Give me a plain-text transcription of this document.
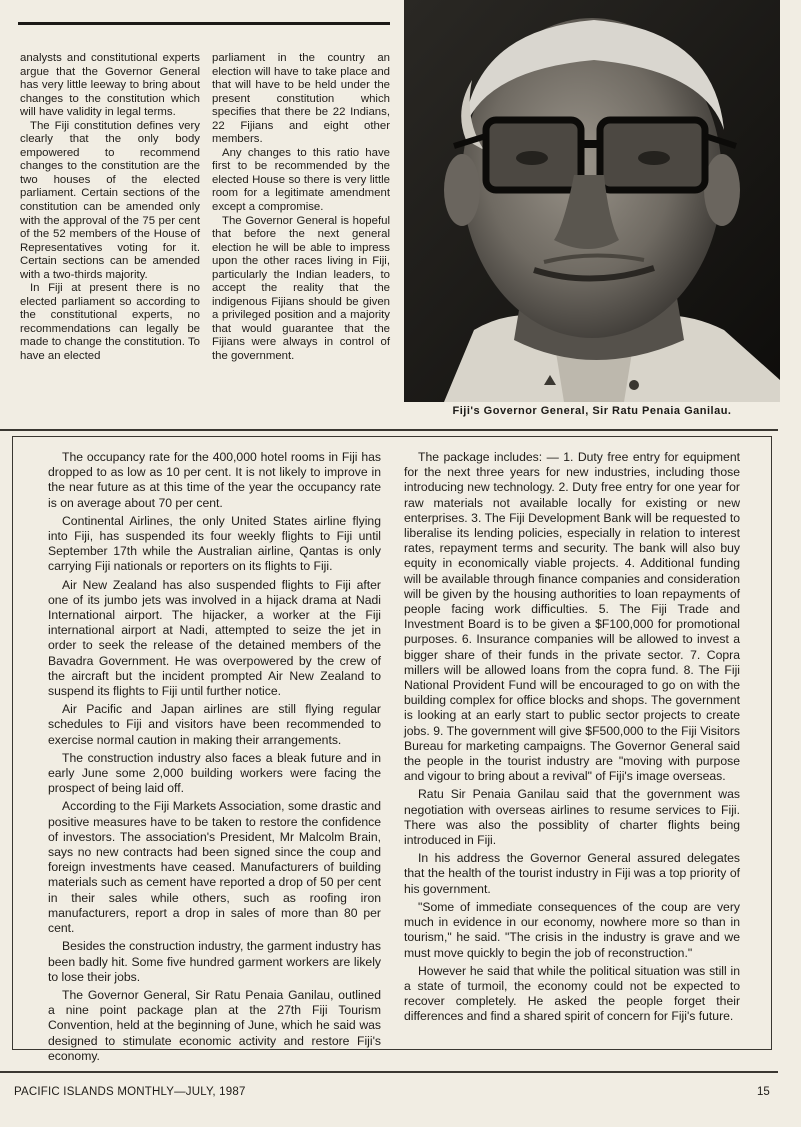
analysts and constitutional experts argue that the Governor General has very little leeway to bring about changes to the constitution which will have validity in legal terms.

The Fiji constitution defines very clearly that the only body empowered to recommend changes to the constitution are the two houses of the elected parliament. Certain sections of the constitution can be amended only with the approval of the 75 per cent of the 52 members of the House of Representatives voting for it. Certain sections can be amended with a two-thirds majority.

In Fiji at present there is no elected parliament so according to the constitutional experts, no recommendations can legally be made to change the constitution. To have an elected

parliament in the country an election will have to take place and that will have to be held under the present constitution which specifies that there be 22 Indians, 22 Fijians and eight other members.

Any changes to this ratio have first to be recommended by the elected House so there is very little room for a legitimate amendment except a compromise.

The Governor General is hopeful that before the next general election he will be able to impress upon the other races living in Fiji, particularly the Indian leaders, to accept the reality that the indigenous Fijians should be given a privileged position and a majority that would guarantee that the Fijians were always in control of the government.

Fiji's Governor General, Sir Ratu Penaia Ganilau.

The occupancy rate for the 400,000 hotel rooms in Fiji has dropped to as low as 10 per cent. It is not likely to improve in the near future as at this time of the year the occupancy rate is on average about 70 per cent.

Continental Airlines, the only United States airline flying into Fiji, has suspended its four weekly flights to Fiji until September 17th while the Australian airline, Qantas is only carrying Fiji nationals or reporters on its flights to Fiji.

Air New Zealand has also suspended flights to Fiji after one of its jumbo jets was involved in a hijack drama at Nadi International airport. The hijacker, a worker at the Fiji international airport at Nadi, attempted to seize the jet in order to seek the release of the detained members of the Bavadra Government. He was overpowered by the crew of the aircraft but the incident prompted Air New Zealand to suspend its flights to Fiji until further notice.

Air Pacific and Japan airlines are still flying regular schedules to Fiji and visitors have been recommended to exercise normal caution in making their arrangements.

The construction industry also faces a bleak future and in early June some 2,000 building workers were facing the prospect of being laid off.

According to the Fiji Markets Association, some drastic and positive measures have to be taken to restore the confidence of investors. The association's President, Mr Malcolm Brain, says no new contracts had been signed since the coup and foreign investments have ceased. Manufacturers of building materials such as cement have reported a drop of 50 per cent in their sales while others, such as roofing iron manufacturers, report a drop in sales of more than 80 per cent.

Besides the construction industry, the garment industry has been badly hit. Some five hundred garment workers are likely to lose their jobs.

The Governor General, Sir Ratu Penaia Ganilau, outlined a nine point package plan at the 27th Fiji Tourism Convention, held at the beginning of June, which he said was designed to stimulate economic activity and restore Fiji's economy.

The package includes: — 1. Duty free entry for equipment for the next three years for new industries, including those introducing new technology. 2. Duty free entry for one year for raw materials not available locally for existing or new enterprises. 3. The Fiji Development Bank will be requested to liberalise its lending policies, especially in relation to interest rates, repayment terms and security. The bank will also buy equity in economically viable projects. 4. Additional funding will be available through finance companies and consideration will be given by the housing authorities to loan repayments of people facing work difficulties. 5. The Fiji Trade and Investment Board is to be given a $F100,000 for promotional purposes. 6. Insurance companies will be allowed to invest a bigger share of their funds in the private sector. 7. Copra millers will be allowed loans from the copra fund. 8. The Fiji National Provident Fund will be encouraged to go on with the building complex for office blocks and shops. The government is looking at an early start to public sector projects to create jobs. 9. The government will give $F500,000 to the Fiji Visitors Bureau for marketing campaigns. The Governor General said the people in the tourist industry are "moving with purpose and vigour to bring about a revival" of Fiji's image overseas.

Ratu Sir Penaia Ganilau said that the government was negotiation with overseas airlines to resume services to Fiji. There was also the possiblity of charter flights being introduced in Fiji.

In his address the Governor General assured delegates that the health of the tourist industry in Fiji was a top priority of his government.

"Some of immediate consequences of the coup are very much in evidence in our economy, nowhere more so than in tourism," he said. "The crisis in the industry is grave and we must move quickly to begin the job of reconstruction."

However he said that while the political situation was still in a state of turmoil, the economy could not be expected to recover completely. He asked the people forget their differences and find a shared spirit of concern for Fiji's future.

PACIFIC ISLANDS MONTHLY—JULY, 1987	15
